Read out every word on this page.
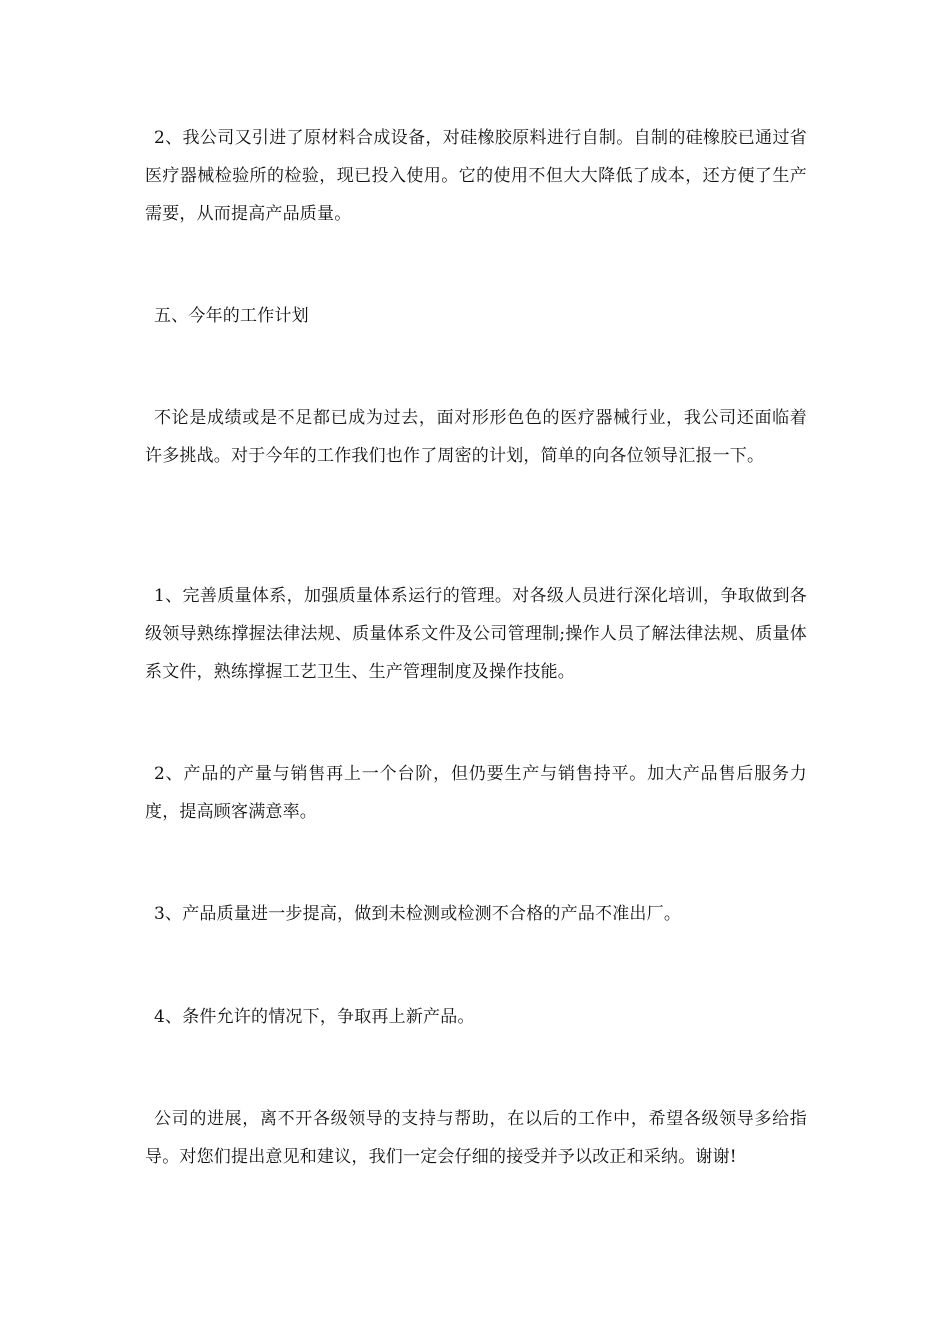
2、我公司又引进了原材料合成设备，对硅橡胶原料进行自制。自制的硅橡胶已通过省医疗器械检验所的检验，现已投入使用。它的使用不但大大降低了成本，还方便了生产需要，从而提高产品质量。

五、今年的工作计划

不论是成绩或是不足都已成为过去，面对形形色色的医疗器械行业，我公司还面临着许多挑战。对于今年的工作我们也作了周密的计划，简单的向各位领导汇报一下。

1、完善质量体系，加强质量体系运行的管理。对各级人员进行深化培训，争取做到各级领导熟练撑握法律法规、质量体系文件及公司管理制;操作人员了解法律法规、质量体系文件，熟练撑握工艺卫生、生产管理制度及操作技能。

2、产品的产量与销售再上一个台阶，但仍要生产与销售持平。加大产品售后服务力度，提高顾客满意率。

3、产品质量进一步提高，做到未检测或检测不合格的产品不准出厂。

4、条件允许的情况下，争取再上新产品。

公司的进展，离不开各级领导的支持与帮助，在以后的工作中，希望各级领导多给指导。对您们提出意见和建议，我们一定会仔细的接受并予以改正和采纳。谢谢!
